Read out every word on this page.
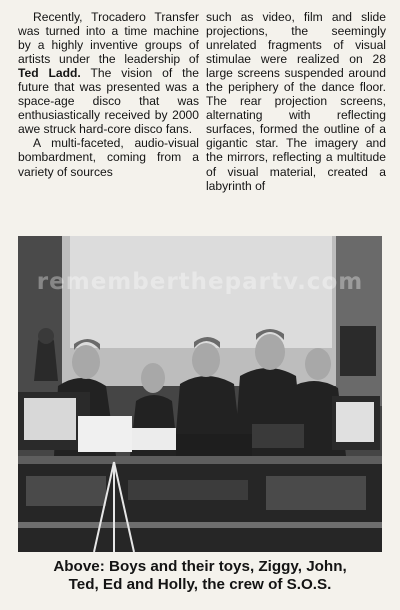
Recently, Trocadero Transfer was turned into a time machine by a highly inventive groups of artists under the leadership of Ted Ladd. The vision of the future that was presented was a space-age disco that was enthusiastically received by 2000 awe struck hard-core disco fans.

A multi-faceted, audio-visual bombardment, coming from a variety of sources

such as video, film and slide projections, the seemingly unrelated fragments of visual stimulae were realized on 28 large screens suspended around the periphery of the dance floor. The rear projection screens, alternating with reflecting surfaces, formed the outline of a gigantic star. The imagery and the mirrors, reflecting a multitude of visual material, created a labyrinth of

rememberthepartv.com
Above: Boys and their toys, Ziggy, John,
Ted, Ed and Holly, the crew of S.O.S.
